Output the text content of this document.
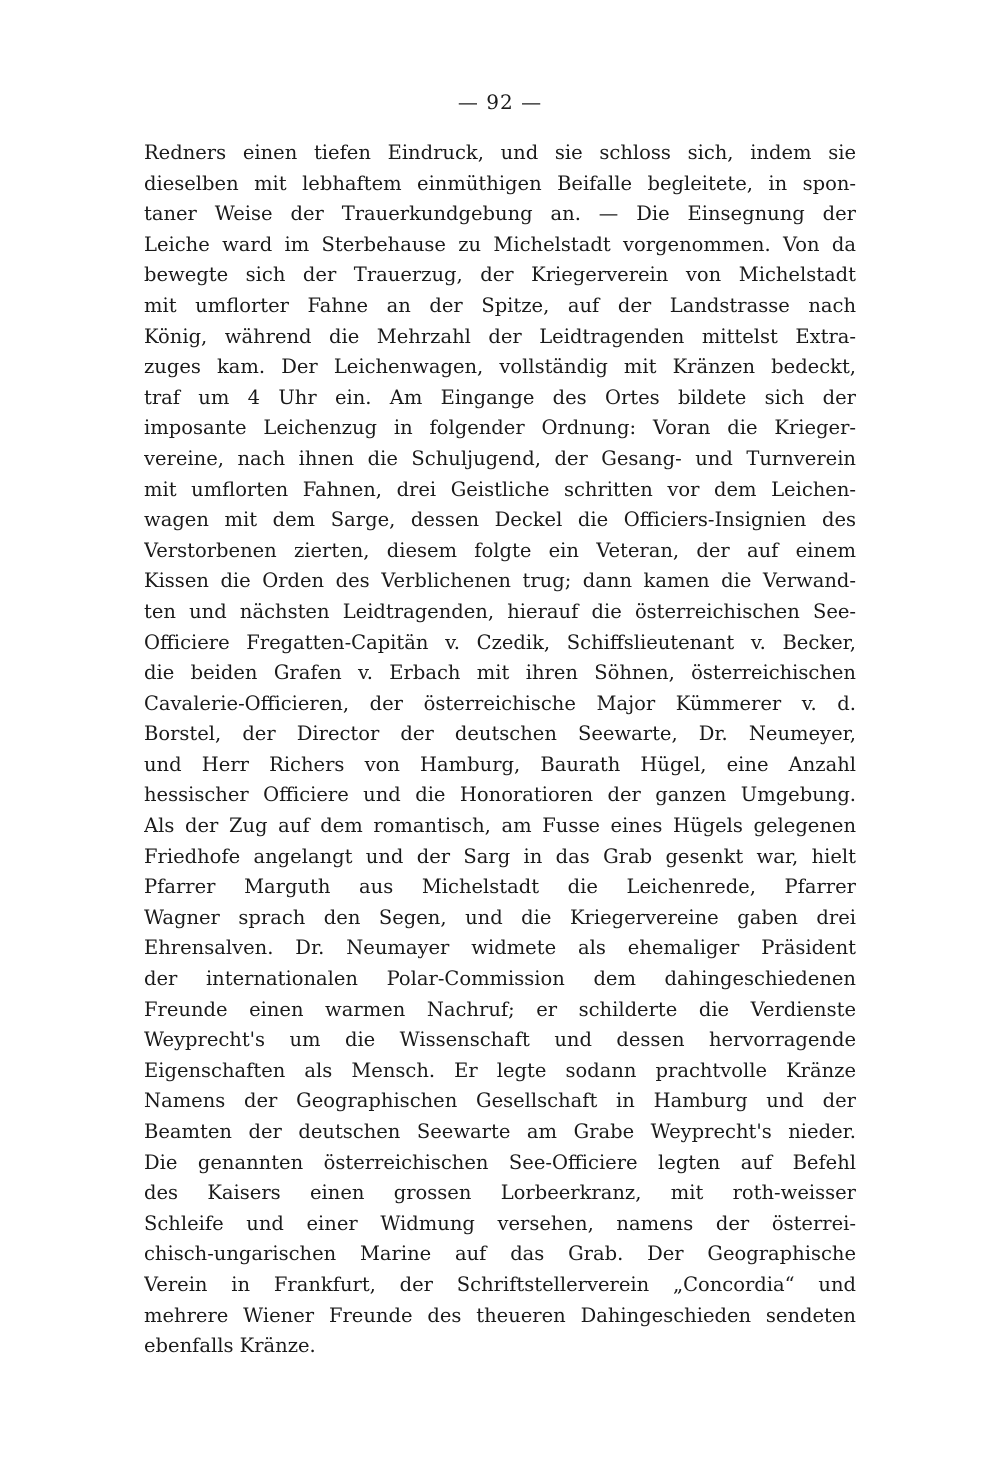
— 92 —
Redners einen tiefen Eindruck, und sie schloss sich, indem sie
dieselben mit lebhaftem einmüthigen Beifalle begleitete, in spon-
taner Weise der Trauerkundgebung an. — Die Einsegnung der
Leiche ward im Sterbehause zu Michelstadt vorgenommen. Von da
bewegte sich der Trauerzug, der Kriegerverein von Michelstadt
mit umflorter Fahne an der Spitze, auf der Landstrasse nach
König, während die Mehrzahl der Leidtragenden mittelst Extra-
zuges kam. Der Leichenwagen, vollständig mit Kränzen bedeckt,
traf um 4 Uhr ein. Am Eingange des Ortes bildete sich der
imposante Leichenzug in folgender Ordnung: Voran die Krieger-
vereine, nach ihnen die Schuljugend, der Gesang- und Turnverein
mit umflorten Fahnen, drei Geistliche schritten vor dem Leichen-
wagen mit dem Sarge, dessen Deckel die Officiers-Insignien des
Verstorbenen zierten, diesem folgte ein Veteran, der auf einem
Kissen die Orden des Verblichenen trug; dann kamen die Verwand-
ten und nächsten Leidtragenden, hierauf die österreichischen See-
Officiere Fregatten-Capitän v. Czedik, Schiffslieutenant v. Becker,
die beiden Grafen v. Erbach mit ihren Söhnen, österreichischen
Cavalerie-Officieren, der österreichische Major Kümmerer v. d.
Borstel, der Director der deutschen Seewarte, Dr. Neumeyer,
und Herr Richers von Hamburg, Baurath Hügel, eine Anzahl
hessischer Officiere und die Honoratioren der ganzen Umgebung.
Als der Zug auf dem romantisch, am Fusse eines Hügels gelegenen
Friedhofe angelangt und der Sarg in das Grab gesenkt war, hielt
Pfarrer Marguth aus Michelstadt die Leichenrede, Pfarrer
Wagner sprach den Segen, und die Kriegervereine gaben drei
Ehrensalven. Dr. Neumayer widmete als ehemaliger Präsident
der internationalen Polar-Commission dem dahingeschiedenen
Freunde einen warmen Nachruf; er schilderte die Verdienste
Weyprecht's um die Wissenschaft und dessen hervorragende
Eigenschaften als Mensch. Er legte sodann prachtvolle Kränze
Namens der Geographischen Gesellschaft in Hamburg und der
Beamten der deutschen Seewarte am Grabe Weyprecht's nieder.
Die genannten österreichischen See-Officiere legten auf Befehl
des Kaisers einen grossen Lorbeerkranz, mit roth-weisser
Schleife und einer Widmung versehen, namens der österrei-
chisch-ungarischen Marine auf das Grab. Der Geographische
Verein in Frankfurt, der Schriftstellerverein „Concordia“ und
mehrere Wiener Freunde des theueren Dahingeschieden sendeten
ebenfalls Kränze.
